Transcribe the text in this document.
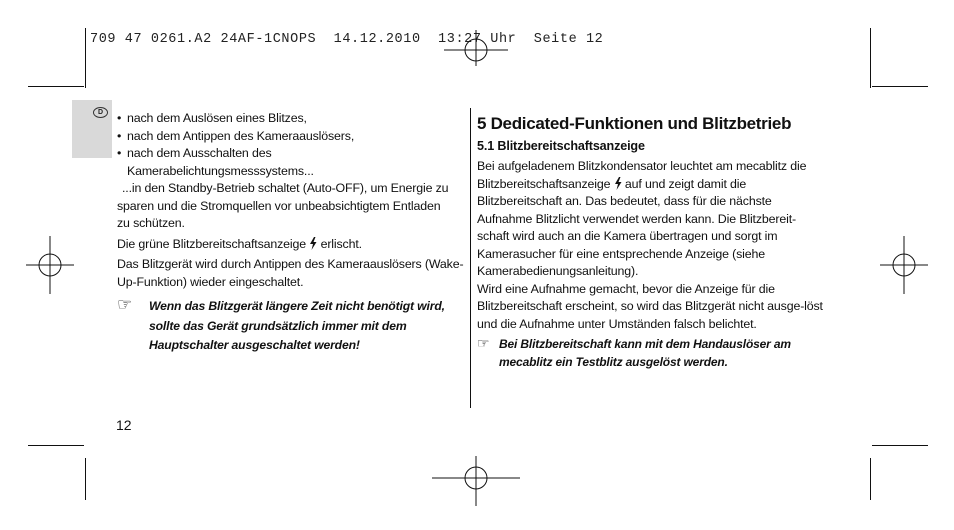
709 47 0261.A2 24AF-1CNOPS  14.12.2010  13:27 Uhr  Seite 12
D
•	nach dem Auslösen eines Blitzes,
• nach dem Antippen des Kameraauslösers,
• nach dem Ausschalten des
Kamerabelichtungsmesssystems...
...in den Standby-Betrieb schaltet (Auto-OFF), um Energie zu
sparen und die Stromquellen vor unbeabsichtigtem Entladen
zu schützen.

Die grüne Blitzbereitschaftsanzeige erlischt.

Das Blitzgerät wird durch Antippen des Kameraauslösers (Wake-Up-Funktion) wieder eingeschaltet.

☞ Wenn das Blitzgerät längere Zeit nicht benötigt wird, sollte das Gerät grundsätzlich immer mit dem Hauptschalter ausgeschaltet werden!

5 Dedicated-Funktionen und Blitzbetrieb
5.1 Blitzbereitschaftsanzeige

Bei aufgeladenem Blitzkondensator leuchtet am mecablitz die Blitzbereitschaftsanzeige auf und zeigt damit die Blitzbereitschaft an. Das bedeutet, dass für die nächste Aufnahme Blitzlicht verwendet werden kann. Die Blitzbereit-schaft wird auch an die Kamera übertragen und sorgt im Kamerasucher für eine entsprechende Anzeige (siehe Kamerabedienungsanleitung).

Wird eine Aufnahme gemacht, bevor die Anzeige für die Blitzbereitschaft erscheint, so wird das Blitzgerät nicht ausge-löst und die Aufnahme unter Umständen falsch belichtet.

☞ Bei Blitzbereitschaft kann mit dem Handauslöser am mecablitz ein Testblitz ausgelöst werden.

12
